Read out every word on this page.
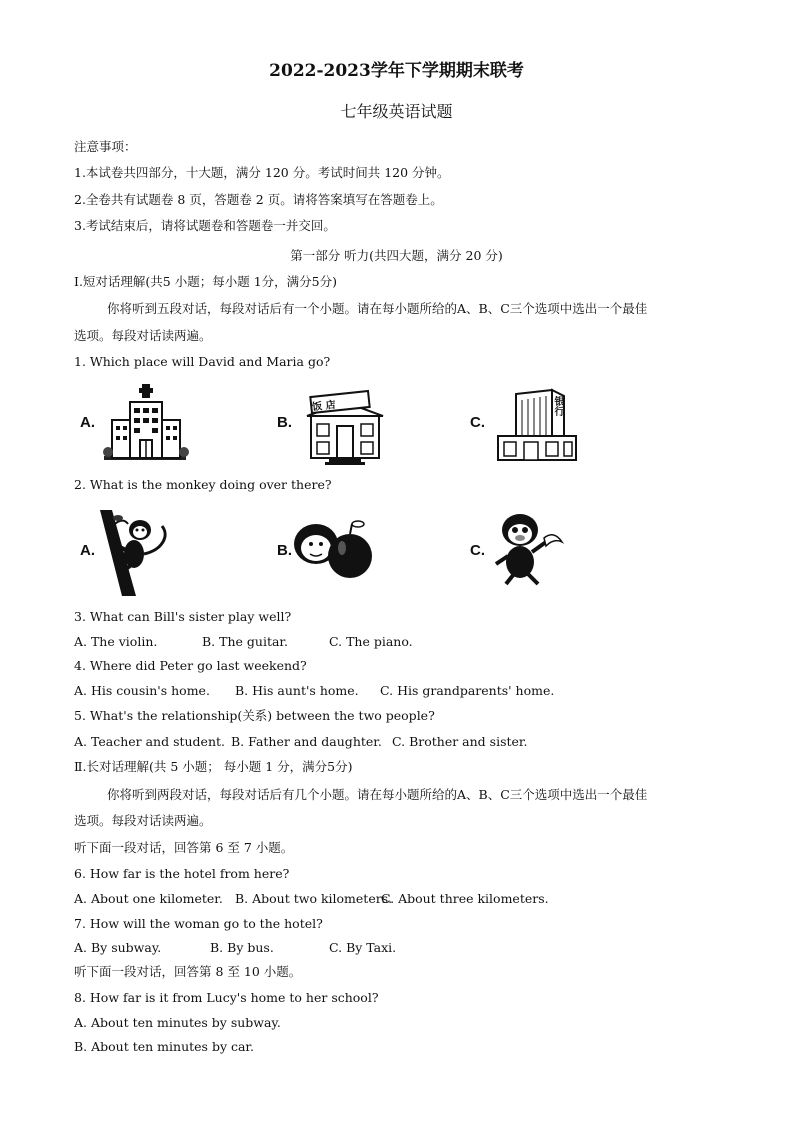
2022-2023学年下学期期末联考
七年级英语试题
注意事项：
1.本试卷共四部分，十大题，满分 120 分。考试时间共 120 分钟。
2.全卷共有试题卷 8 页，答题卷 2 页。请将答案填写在答题卷上。
3.考试结束后，请将试题卷和答题卷一并交回。
第一部分 听力(共四大题，满分 20 分)
Ⅰ.短对话理解(共5 小题；每小题 1分，满分5分)
你将听到五段对话，每段对话后有一个小题。请在每小题所给的A、B、C三个选项中选出一个最佳
选项。每段对话读两遍。
1. Which place will David and Maria go?
A.	B.
饭 店
C.
银行
2. What is the monkey doing over there?
A.	B.	C.
3. What can Bill's sister play well?
A. The violin.	B. The guitar.	C. The piano.
4. Where did Peter go last weekend?
A. His cousin's home. B. His aunt's home. C. His grandparents' home.
5. What's the relationship(关系) between the two people?
A. Teacher and student. B. Father and daughter. C. Brother and sister.
Ⅱ.长对话理解(共 5 小题； 每小题 1 分，满分5分)
你将听到两段对话，每段对话后有几个小题。请在每小题所给的A、B、C三个选项中选出一个最佳
选项。每段对话读两遍。
听下面一段对话，回答第 6 至 7 小题。
6. How far is the hotel from here?
A. About one kilometer. B. About two kilometers.
C. About three kilometers.
7. How will the woman go to the hotel?
A. By subway.	B. By bus.	C. By Taxi.
听下面一段对话，回答第 8 至 10 小题。
8. How far is it from Lucy's home to her school?
A. About ten minutes by subway.
B. About ten minutes by car.
